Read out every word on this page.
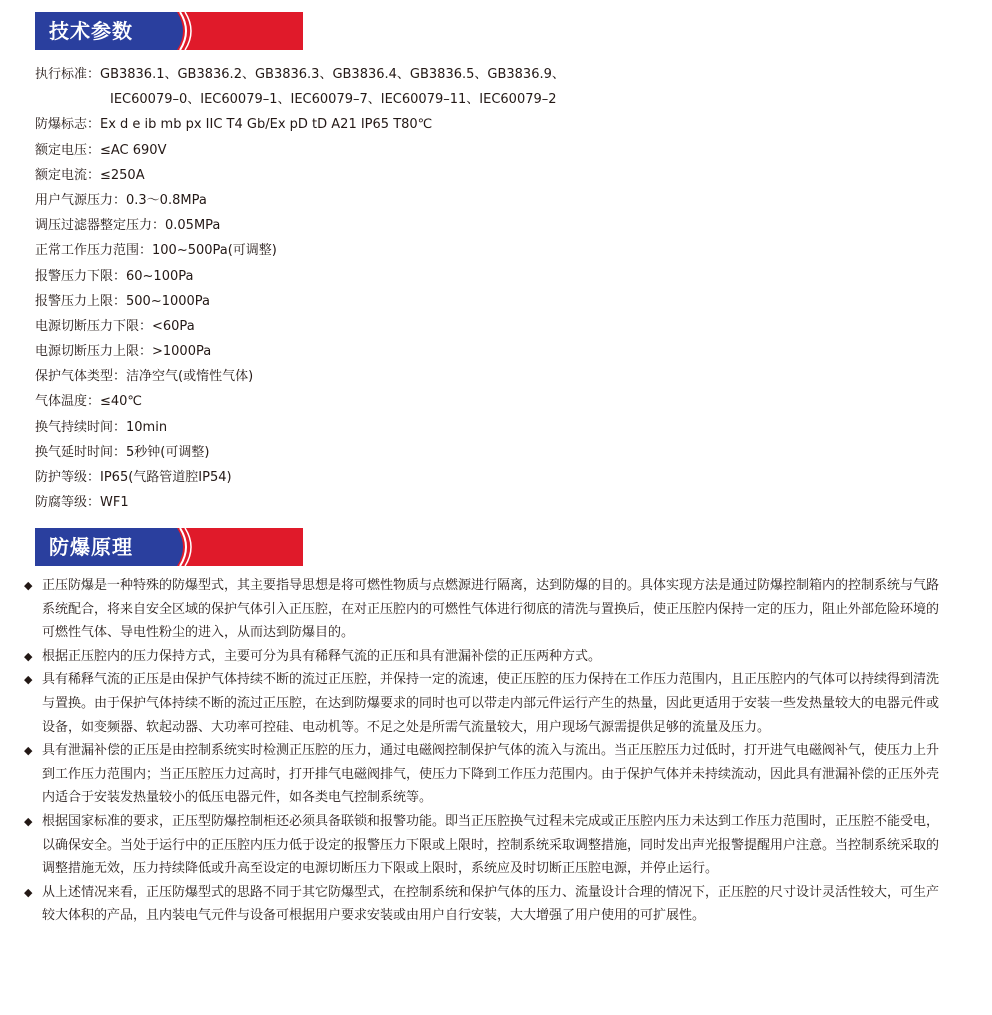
技术参数
执行标准：GB3836.1、GB3836.2、GB3836.3、GB3836.4、GB3836.5、GB3836.9、
IEC60079–0、IEC60079–1、IEC60079–7、IEC60079–11、IEC60079–2
防爆标志：Ex d e ib mb px IIC T4 Gb/Ex pD tD A21 IP65 T80℃
额定电压：≤AC 690V
额定电流：≤250A
用户气源压力：0.3～0.8MPa
调压过滤器整定压力：0.05MPa
正常工作压力范围：100~500Pa(可调整)
报警压力下限：60~100Pa
报警压力上限：500~1000Pa
电源切断压力下限：<60Pa
电源切断压力上限：>1000Pa
保护气体类型：洁净空气(或惰性气体)
气体温度：≤40℃
换气持续时间：10min
换气延时时间：5秒钟(可调整)
防护等级：IP65(气路管道腔IP54)
防腐等级：WF1
防爆原理
◆ 正压防爆是一种特殊的防爆型式，其主要指导思想是将可燃性物质与点燃源进行隔离，达到防爆的目的。具体实现方法是通过防爆控制箱内的控制系统与气路系统配合，将来自安全区域的保护气体引入正压腔，在对正压腔内的可燃性气体进行彻底的清洗与置换后，使正压腔内保持一定的压力，阻止外部危险环境的可燃性气体、导电性粉尘的进入，从而达到防爆目的。
◆ 根据正压腔内的压力保持方式，主要可分为具有稀释气流的正压和具有泄漏补偿的正压两种方式。
◆ 具有稀释气流的正压是由保护气体持续不断的流过正压腔，并保持一定的流速，使正压腔的压力保持在工作压力范围内，且正压腔内的气体可以持续得到清洗与置换。由于保护气体持续不断的流过正压腔，在达到防爆要求的同时也可以带走内部元件运行产生的热量，因此更适用于安装一些发热量较大的电器元件或设备，如变频器、软起动器、大功率可控硅、电动机等。不足之处是所需气流量较大，用户现场气源需提供足够的流量及压力。
◆ 具有泄漏补偿的正压是由控制系统实时检测正压腔的压力，通过电磁阀控制保护气体的流入与流出。当正压腔压力过低时，打开进气电磁阀补气，使压力上升到工作压力范围内；当正压腔压力过高时，打开排气电磁阀排气，使压力下降到工作压力范围内。由于保护气体并未持续流动，因此具有泄漏补偿的正压外壳内适合于安装发热量较小的低压电器元件，如各类电气控制系统等。
◆ 根据国家标准的要求，正压型防爆控制柜还必须具备联锁和报警功能。即当正压腔换气过程未完成或正压腔内压力未达到工作压力范围时，正压腔不能受电，以确保安全。当处于运行中的正压腔内压力低于设定的报警压力下限或上限时，控制系统采取调整措施，同时发出声光报警提醒用户注意。当控制系统采取的调整措施无效，压力持续降低或升高至设定的电源切断压力下限或上限时，系统应及时切断正压腔电源，并停止运行。
◆ 从上述情况来看，正压防爆型式的思路不同于其它防爆型式，在控制系统和保护气体的压力、流量设计合理的情况下，正压腔的尺寸设计灵活性较大，可生产较大体积的产品，且内装电气元件与设备可根据用户要求安装或由用户自行安装，大大增强了用户使用的可扩展性。
